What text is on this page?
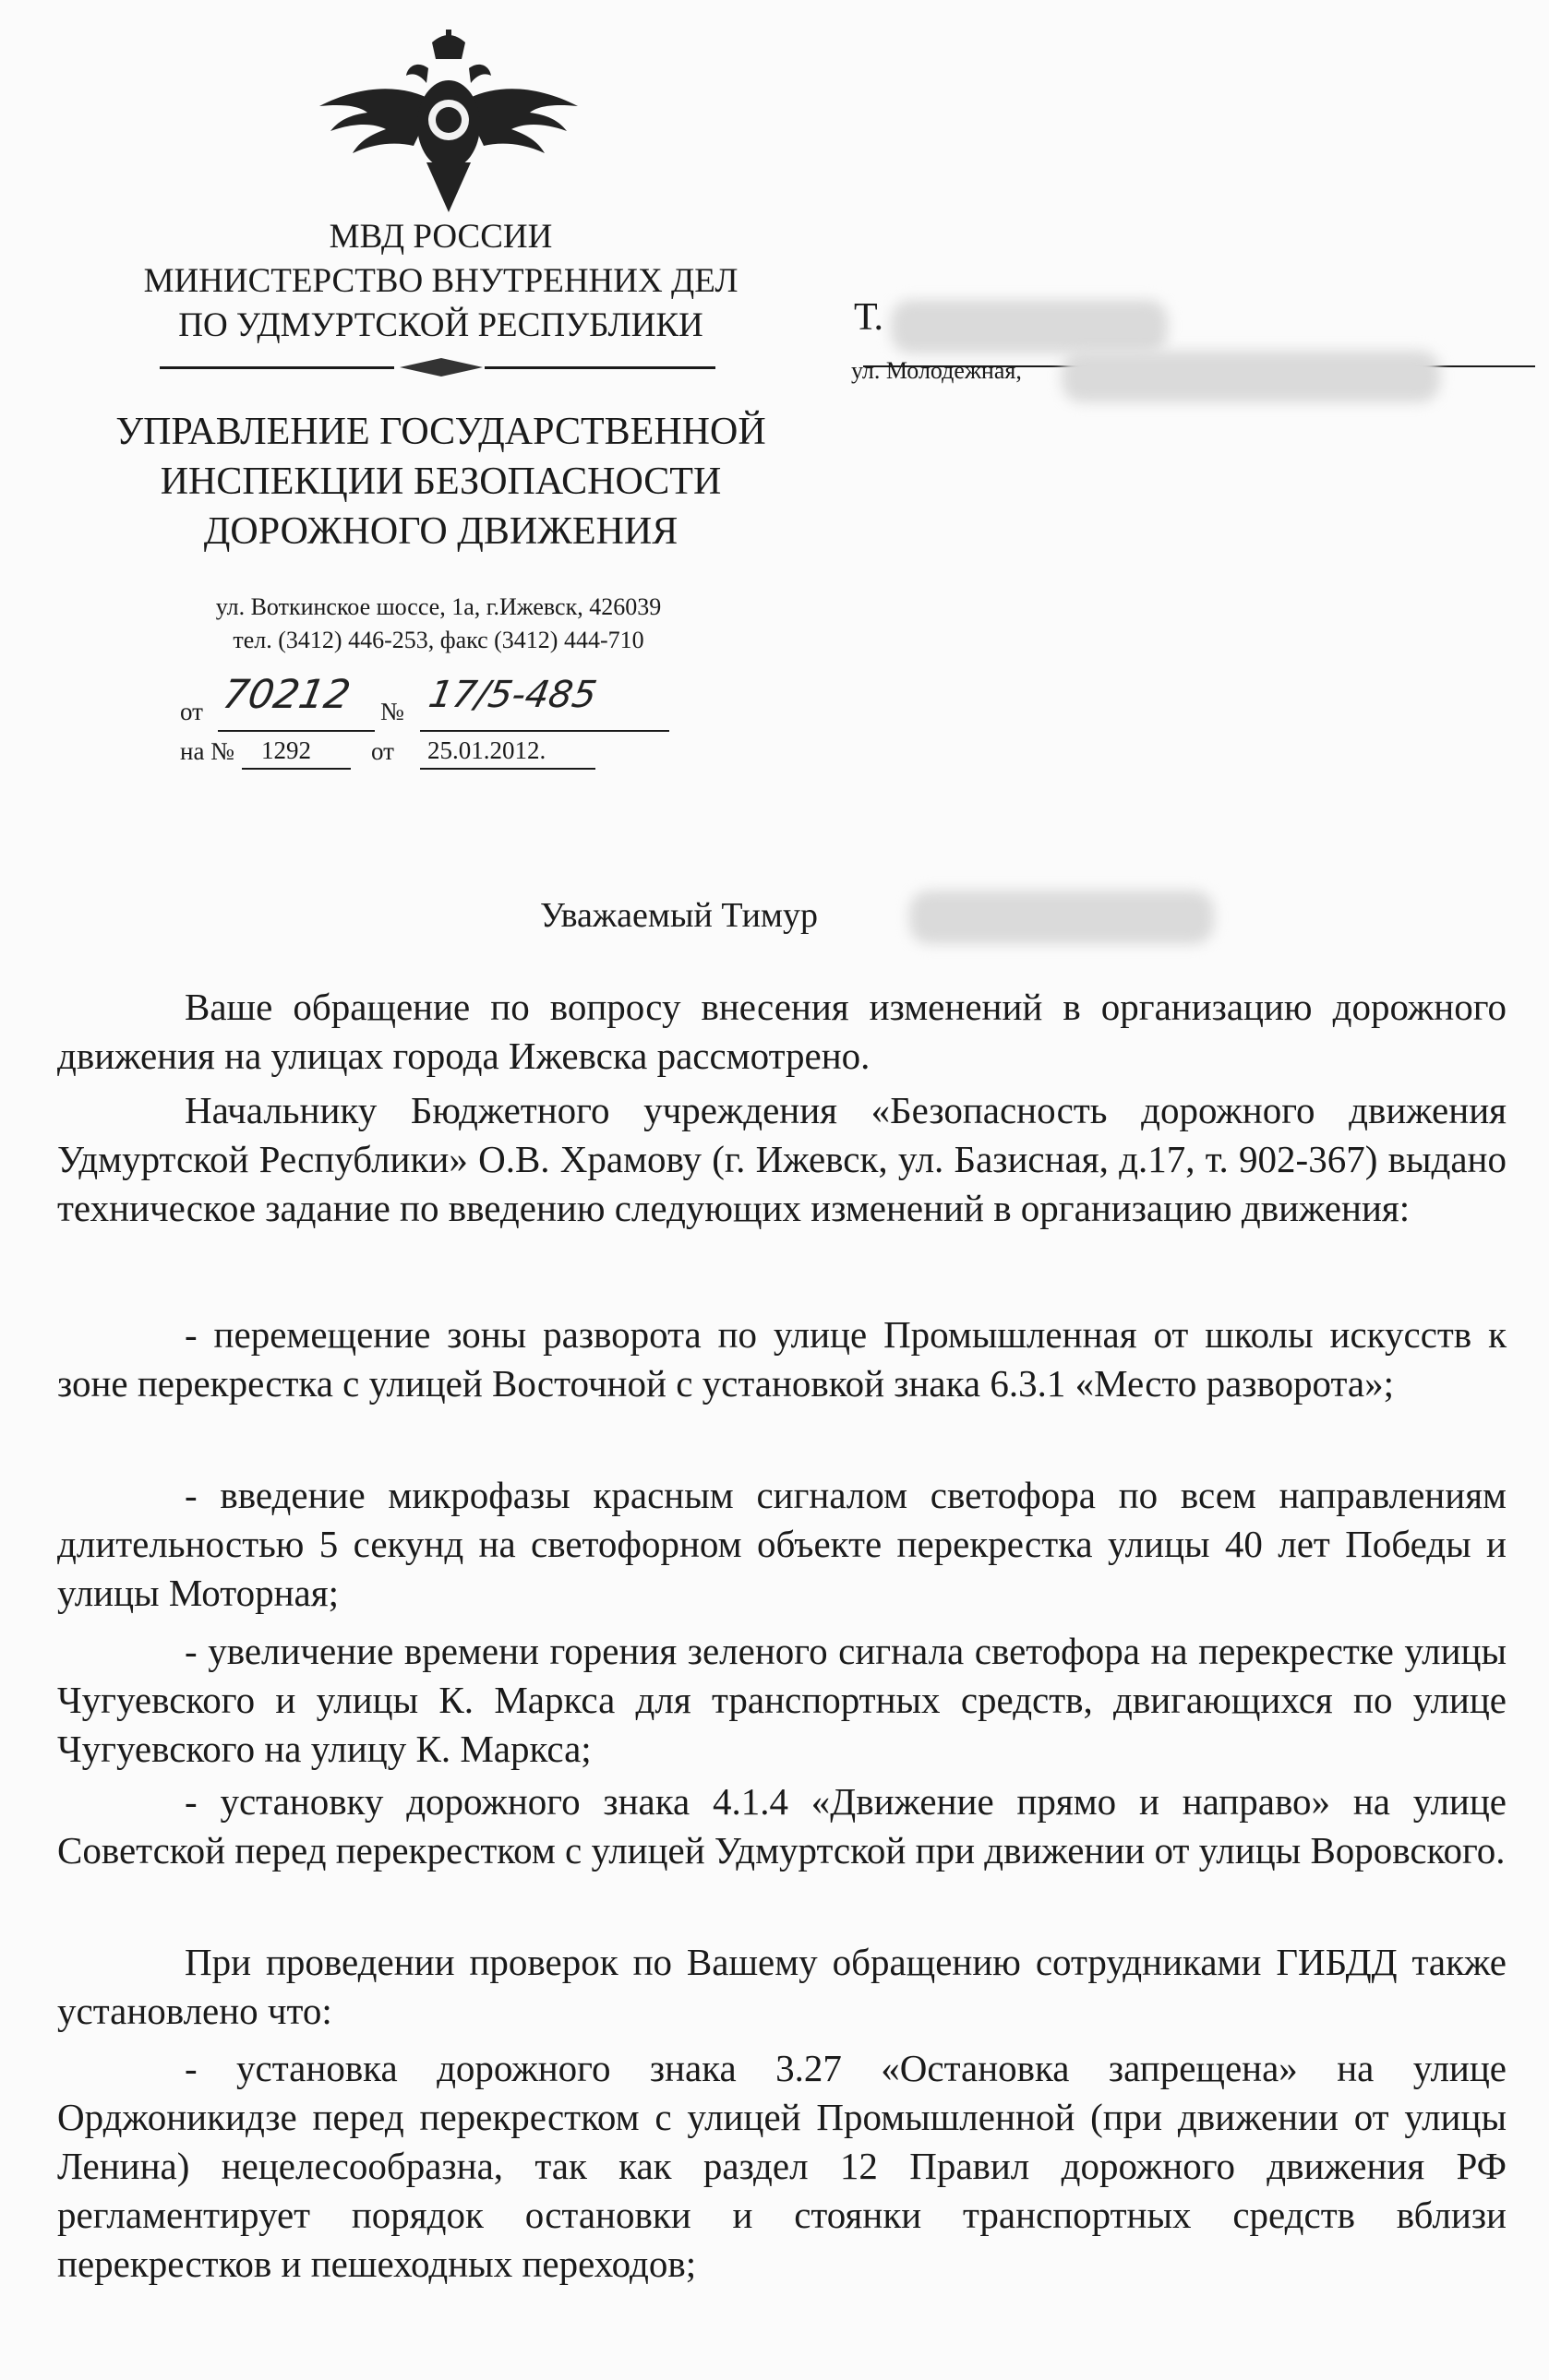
МВД РОССИИ
МИНИСТЕРСТВО ВНУТРЕННИХ ДЕЛ
ПО УДМУРТСКОЙ РЕСПУБЛИКИ
УПРАВЛЕНИЕ ГОСУДАРСТВЕННОЙ
ИНСПЕКЦИИ БЕЗОПАСНОСТИ
ДОРОЖНОГО ДВИЖЕНИЯ
ул. Воткинское шоссе, 1а, г.Ижевск, 426039
тел. (3412) 446-253, факс (3412) 444-710
от 70212 № 17/5-485
на № 1292 от 25.01.2012.
Т.
ул. Молодежная,
Уважаемый Тимур
Ваше обращение по вопросу внесения изменений в организацию дорожного движения на улицах города Ижевска рассмотрено.
Начальнику Бюджетного учреждения «Безопасность дорожного движения Удмуртской Республики» О.В. Храмову (г. Ижевск, ул. Базисная, д.17, т. 902-367) выдано техническое задание по введению следующих изменений в организацию движения:
- перемещение зоны разворота по улице Промышленная от школы искусств к зоне перекрестка с улицей Восточной с установкой знака 6.3.1 «Место разворота»;
- введение микрофазы красным сигналом светофора по всем направлениям длительностью 5 секунд на светофорном объекте перекрестка улицы 40 лет Победы и улицы Моторная;
- увеличение времени горения зеленого сигнала светофора на перекрестке улицы Чугуевского и улицы К. Маркса для транспортных средств, двигающихся по улице Чугуевского на улицу К. Маркса;
- установку дорожного знака 4.1.4 «Движение прямо и направо» на улице Советской перед перекрестком с улицей Удмуртской при движении от улицы Воровского.
При проведении проверок по Вашему обращению сотрудниками ГИБДД также установлено что:
- установка дорожного знака 3.27 «Остановка запрещена» на улице Орджоникидзе перед перекрестком с улицей Промышленной (при движении от улицы Ленина) нецелесообразна, так как раздел 12 Правил дорожного движения РФ регламентирует порядок остановки и стоянки транспортных средств вблизи перекрестков и пешеходных переходов;
